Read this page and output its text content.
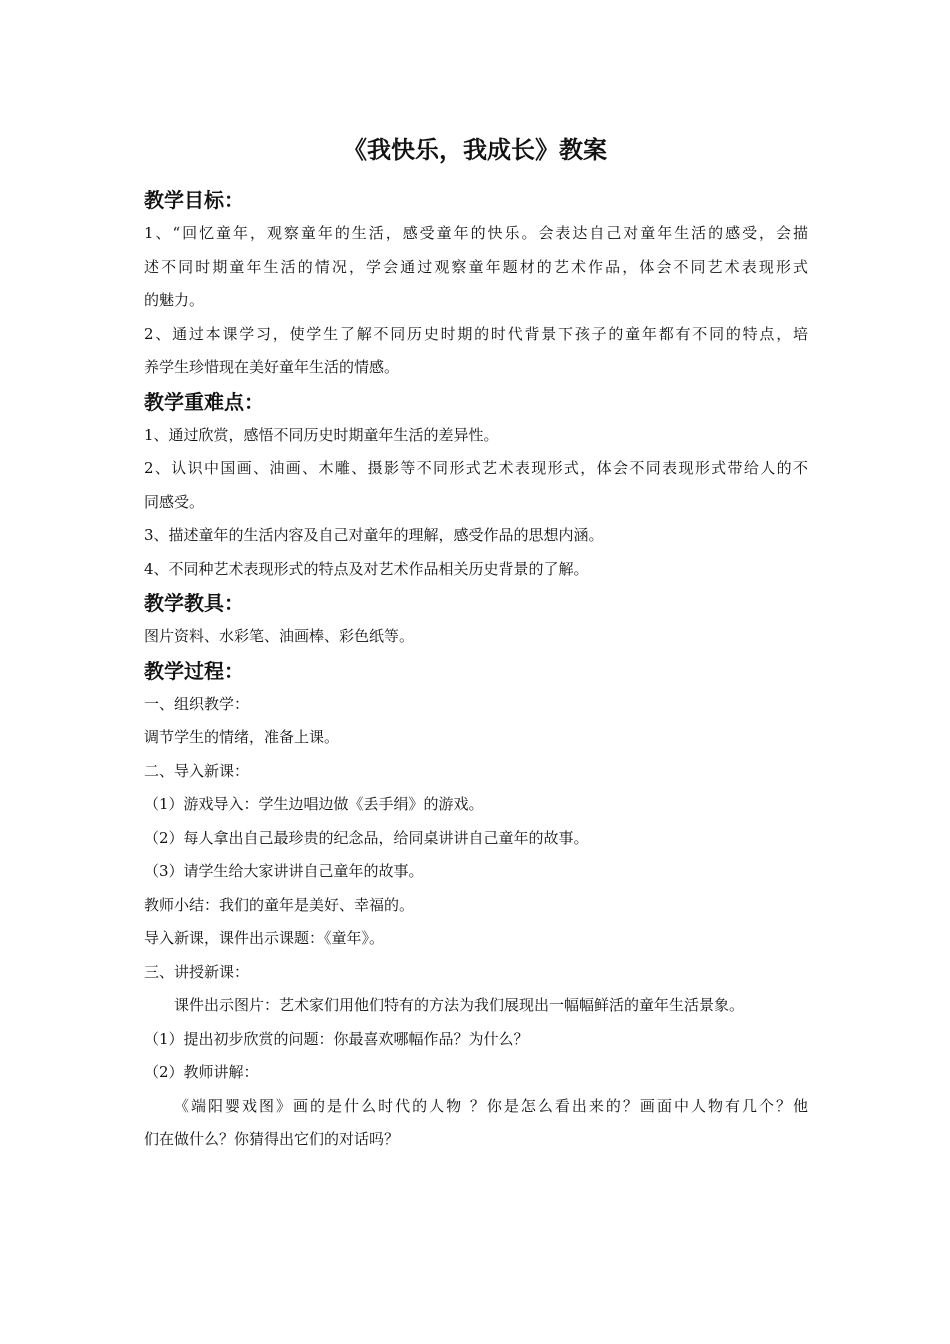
《我快乐，我成长》教案
教学目标：
1、“回忆童年，观察童年的生活，感受童年的快乐。会表达自己对童年生活的感受，会描
述不同时期童年生活的情况，学会通过观察童年题材的艺术作品，体会不同艺术表现形式
的魅力。
2、通过本课学习，使学生了解不同历史时期的时代背景下孩子的童年都有不同的特点，培
养学生珍惜现在美好童年生活的情感。
教学重难点：
1、通过欣赏，感悟不同历史时期童年生活的差异性。
2、认识中国画、油画、木雕、摄影等不同形式艺术表现形式，体会不同表现形式带给人的不
同感受。
3、描述童年的生活内容及自己对童年的理解，感受作品的思想内涵。
4、不同种艺术表现形式的特点及对艺术作品相关历史背景的了解。
教学教具：
图片资料、水彩笔、油画棒、彩色纸等。
教学过程：
一、组织教学：
调节学生的情绪，准备上课。
二、导入新课：
（1）游戏导入：学生边唱边做《丢手绢》的游戏。
（2）每人拿出自己最珍贵的纪念品，给同桌讲讲自己童年的故事。
（3）请学生给大家讲讲自己童年的故事。
教师小结：我们的童年是美好、幸福的。
导入新课，课件出示课题：《童年》。
三、讲授新课：
课件出示图片：艺术家们用他们特有的方法为我们展现出一幅幅鲜活的童年生活景象。
（1）提出初步欣赏的问题：你最喜欢哪幅作品？为什么？
（2）教师讲解：
《端阳婴戏图》画的是什么时代的人物 ？你是怎么看出来的？画面中人物有几个？他
们在做什么？你猜得出它们的对话吗？
